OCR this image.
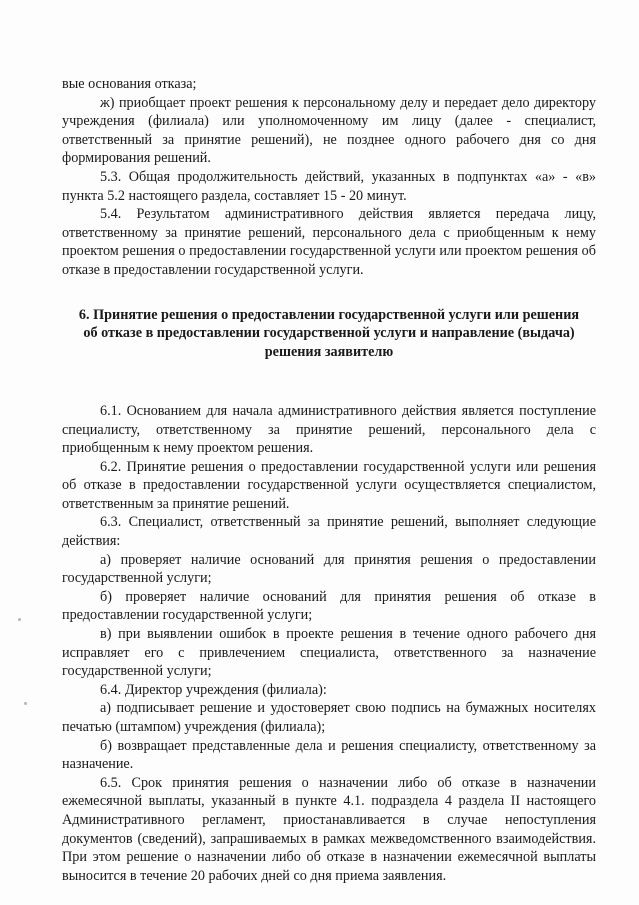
вые основания отказа;

ж) приобщает проект решения к персональному делу и передает дело директору учреждения (филиала) или уполномоченному им лицу (далее - специалист, ответственный за принятие решений), не позднее одного рабочего дня со дня формирования решений.

5.3. Общая продолжительность действий, указанных в подпунктах «а» - «в» пункта 5.2 настоящего раздела, составляет 15 - 20 минут.

5.4. Результатом административного действия является передача лицу, ответственному за принятие решений, персонального дела с приобщенным к нему проектом решения о предоставлении государственной услуги или проектом решения об отказе в предоставлении государственной услуги.

6. Принятие решения о предоставлении государственной услуги или решения
об отказе в предоставлении государственной услуги и направление (выдача)
решения заявителю

6.1. Основанием для начала административного действия является поступление специалисту, ответственному за принятие решений, персонального дела с приобщенным к нему проектом решения.

6.2. Принятие решения о предоставлении государственной услуги или решения об отказе в предоставлении государственной услуги осуществляется специалистом, ответственным за принятие решений.

6.3. Специалист, ответственный за принятие решений, выполняет следующие действия:

а) проверяет наличие оснований для принятия решения о предоставлении государственной услуги;

б) проверяет наличие оснований для принятия решения об отказе в предоставлении государственной услуги;

в) при выявлении ошибок в проекте решения в течение одного рабочего дня исправляет его с привлечением специалиста, ответственного за назначение государственной услуги;

6.4. Директор учреждения (филиала):

а) подписывает решение и удостоверяет свою подпись на бумажных носителях печатью (штампом) учреждения (филиала);

б) возвращает представленные дела и решения специалисту, ответственному за назначение.

6.5. Срок принятия решения о назначении либо об отказе в назначении ежемесячной выплаты, указанный в пункте 4.1. подраздела 4 раздела II настоящего Административного регламент, приостанавливается в случае непоступления документов (сведений), запрашиваемых в рамках межведомственного взаимодействия. При этом решение о назначении либо об отказе в назначении ежемесячной выплаты выносится в течение 20 рабочих дней со дня приема заявления.
